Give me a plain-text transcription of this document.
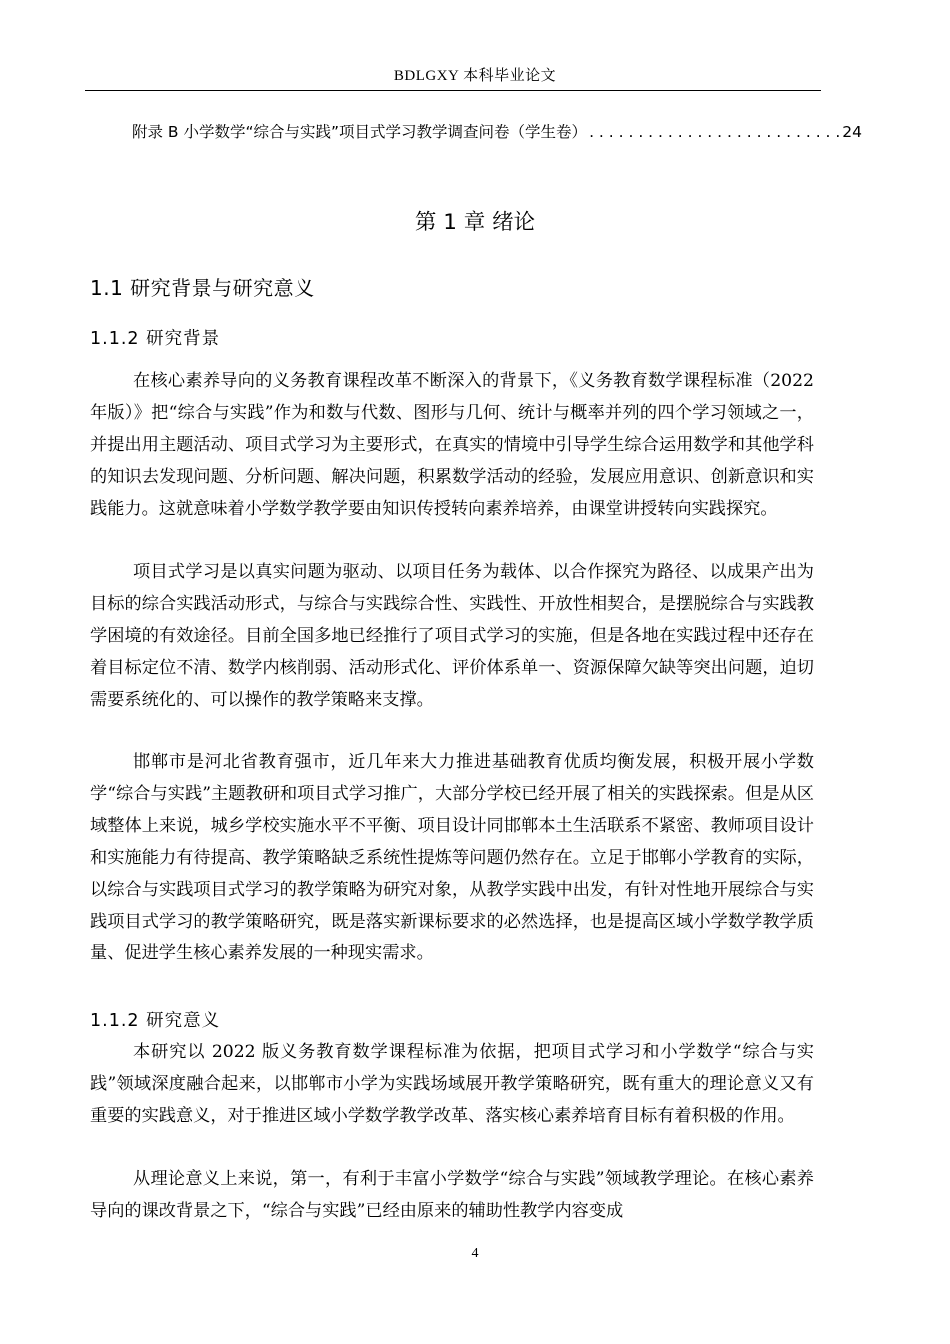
BDLGXY 本科毕业论文
附录 B 小学数学“综合与实践”项目式学习教学调查问卷（学生卷）
. . .	24
第 1 章 绪论
1.1 研究背景与研究意义
1.1.2 研究背景

在核心素养导向的义务教育课程改革不断深入的背景下，《义务教育数学课程标准（2022 年版）》把“综合与实践”作为和数与代数、图形与几何、统计与概率并列的四个学习领域之一，并提出用主题活动、项目式学习为主要形式，在真实的情境中引导学生综合运用数学和其他学科的知识去发现问题、分析问题、解决问题，积累数学活动的经验，发展应用意识、创新意识和实践能力。这就意味着小学数学教学要由知识传授转向素养培养，由课堂讲授转向实践探究。

项目式学习是以真实问题为驱动、以项目任务为载体、以合作探究为路径、以成果产出为目标的综合实践活动形式，与综合与实践综合性、实践性、开放性相契合，是摆脱综合与实践教学困境的有效途径。目前全国多地已经推行了项目式学习的实施，但是各地在实践过程中还存在着目标定位不清、数学内核削弱、活动形式化、评价体系单一、资源保障欠缺等突出问题，迫切需要系统化的、可以操作的教学策略来支撑。

邯郸市是河北省教育强市，近几年来大力推进基础教育优质均衡发展，积极开展小学数学“综合与实践”主题教研和项目式学习推广，大部分学校已经开展了相关的实践探索。但是从区域整体上来说，城乡学校实施水平不平衡、项目设计同邯郸本土生活联系不紧密、教师项目设计和实施能力有待提高、教学策略缺乏系统性提炼等问题仍然存在。立足于邯郸小学教育的实际，以综合与实践项目式学习的教学策略为研究对象，从教学实践中出发，有针对性地开展综合与实践项目式学习的教学策略研究，既是落实新课标要求的必然选择，也是提高区域小学数学教学质量、促进学生核心素养发展的一种现实需求。

1.1.2 研究意义

本研究以 2022 版义务教育数学课程标准为依据，把项目式学习和小学数学“综合与实践”领域深度融合起来，以邯郸市小学为实践场域展开教学策略研究，既有重大的理论意义又有重要的实践意义，对于推进区域小学数学教学改革、落实核心素养培育目标有着积极的作用。

从理论意义上来说，第一，有利于丰富小学数学“综合与实践”领域教学理论。在核心素养导向的课改背景之下，“综合与实践”已经由原来的辅助性教学内容变成

4
